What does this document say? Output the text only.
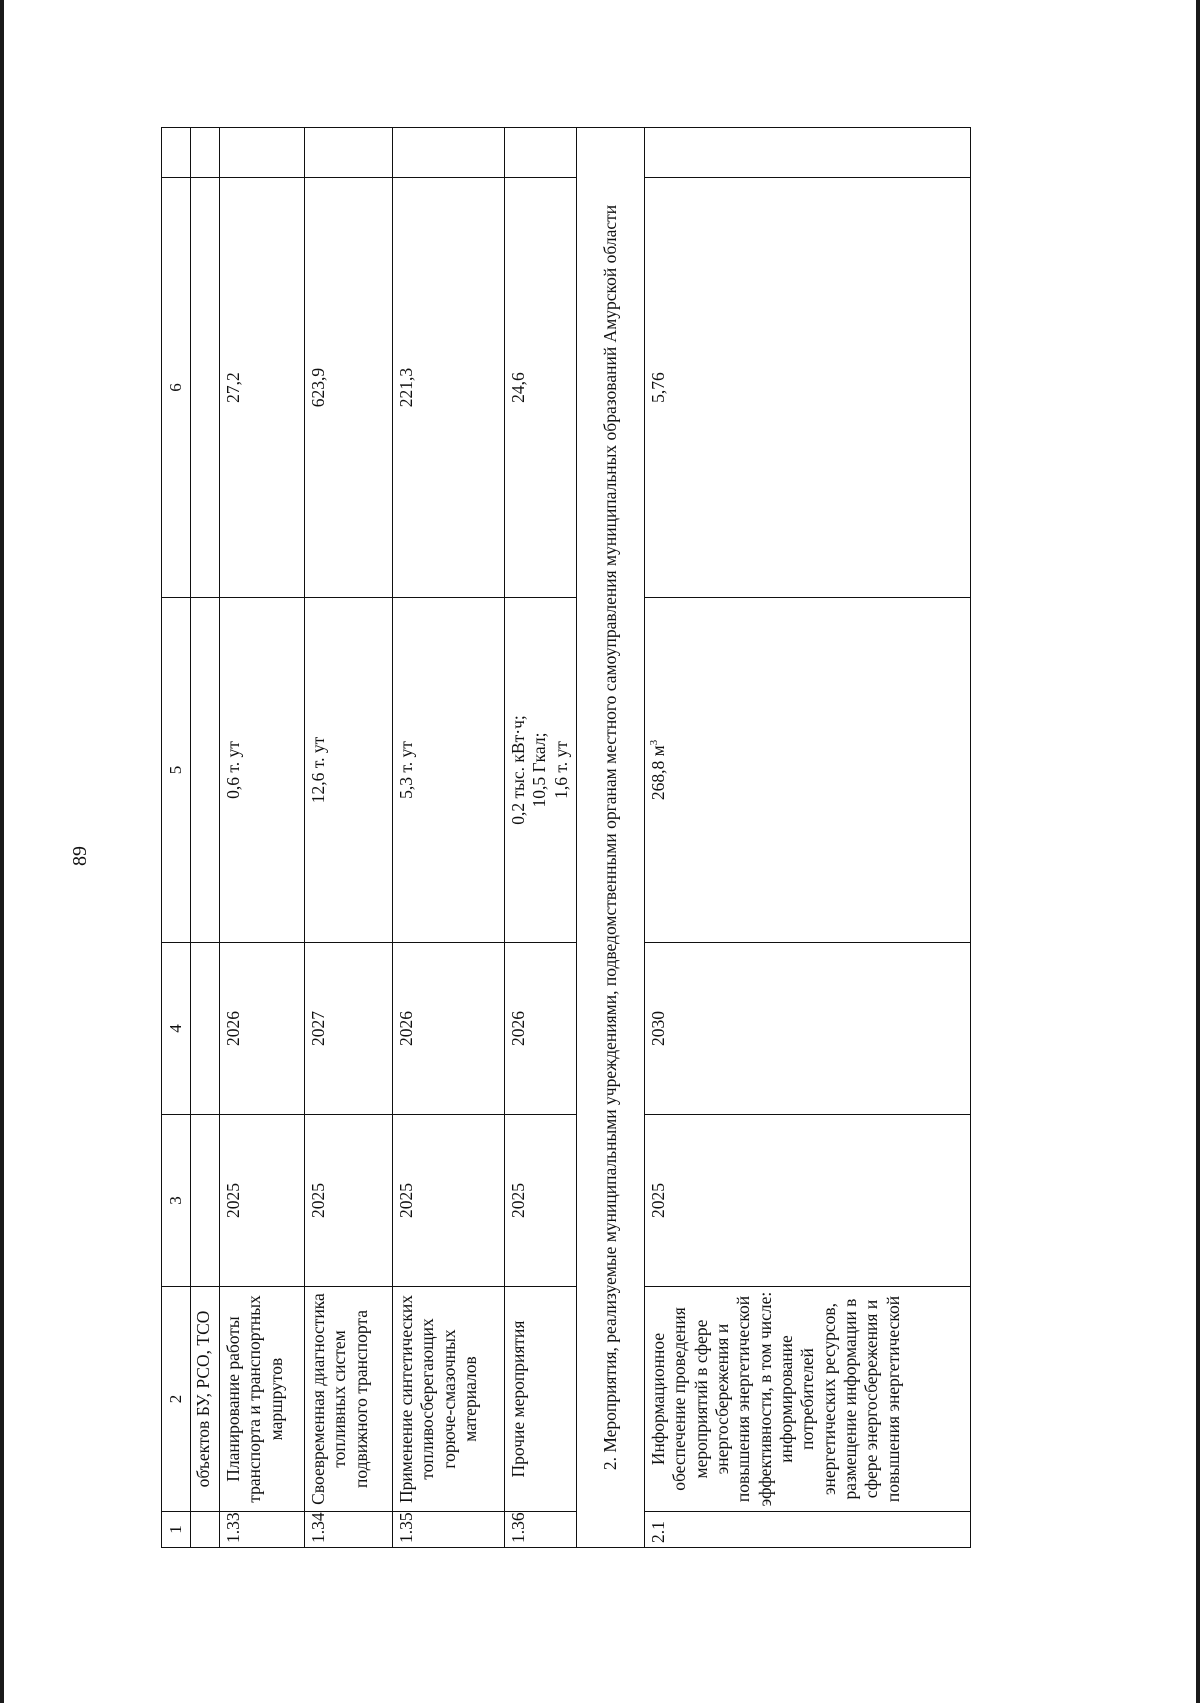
89
1	2	3	4	5	6	
	объектов БУ, РСО, ТСО					
1.33	Планирование работы транспорта и транспортных маршрутов	2025	2026	0,6 т. ут	27,2	
1.34	Своевременная диагностика топливных систем подвижного транспорта	2025	2027	12,6 т. ут	623,9	
1.35	Применение синтетических топливосберегающих горюче-смазочных материалов	2025	2026	5,3 т. ут	221,3	
1.36	Прочие мероприятия	2025	2026	0,2 тыс. кВт·ч; 10,5 Гкал; 1,6 т. ут	24,6	
2. Мероприятия, реализуемые муниципальными учреждениями, подведомственными органам местного самоуправления муниципальных образований Амурской области						
2.1	Информационное обеспечение проведения мероприятий в сфере энергосбережения и повышения энергетической эффективности, в том числе: информирование потребителей энергетических ресурсов, размещение информации в сфере энергосбережения и повышения энергетической	2025	2030	268,8 $м^3$	5,76	
